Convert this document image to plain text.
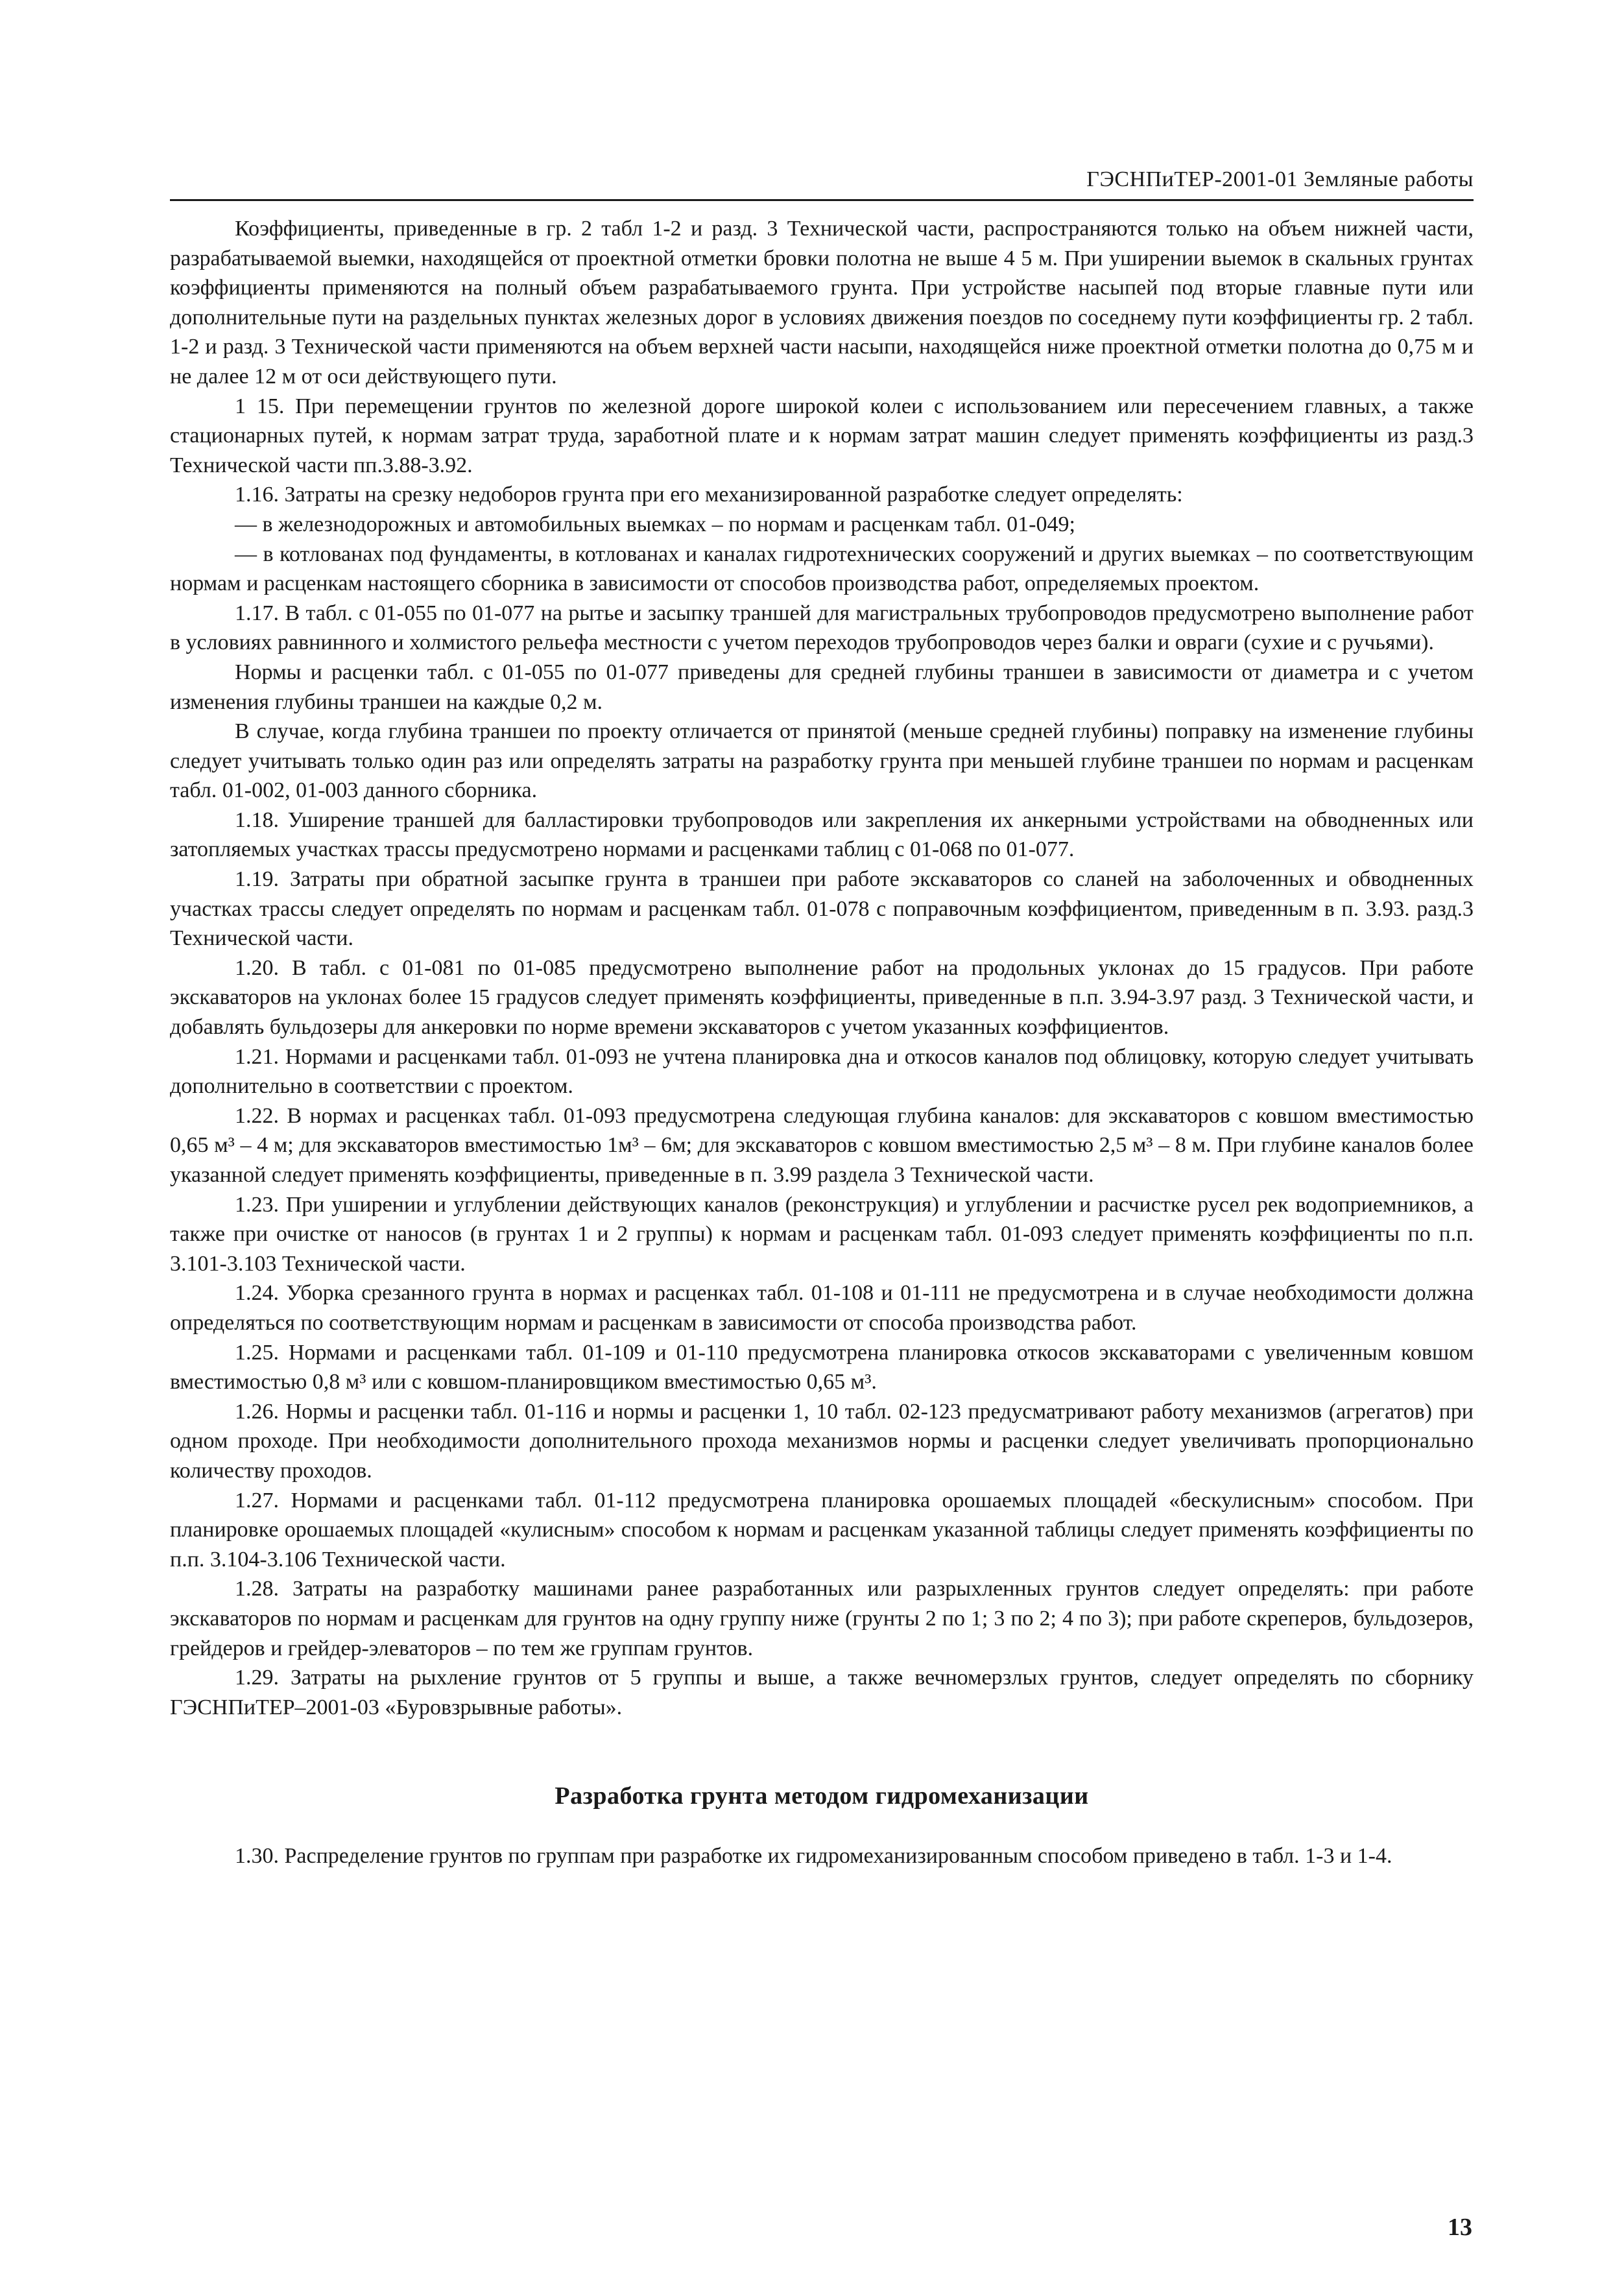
ГЭСНПиТЕР-2001-01 Земляные работы

Коэффициенты, приведенные в гр. 2 табл 1-2 и разд. 3 Технической части, распространяются только на объем нижней части, разрабатываемой выемки, находящейся от проектной отметки бровки полотна не выше 4 5 м. При уширении выемок в скальных грунтах коэффициенты применяются на полный объем разрабатываемого грунта. При устройстве насыпей под вторые главные пути или дополнительные пути на раздельных пунктах железных дорог в условиях движения поездов по соседнему пути коэффициенты гр. 2 табл. 1-2 и разд. 3 Технической части применяются на объем верхней части насыпи, находящейся ниже проектной отметки полотна до 0,75 м и не далее 12 м от оси действующего пути.

1 15. При перемещении грунтов по железной дороге широкой колеи с использованием или пересечением главных, а также стационарных путей, к нормам затрат труда, заработной плате и к нормам затрат машин следует применять коэффициенты из разд.3 Технической части пп.3.88-3.92.

1.16. Затраты на срезку недоборов грунта при его механизированной разработке следует определять:

— в железнодорожных и автомобильных выемках – по нормам и расценкам табл. 01-049;

— в котлованах под фундаменты, в котлованах и каналах гидротехнических сооружений и других выемках – по соответствующим нормам и расценкам настоящего сборника в зависимости от способов производства работ, определяемых проектом.

1.17. В табл. с 01-055 по 01-077 на рытье и засыпку траншей для магистральных трубопроводов предусмотрено выполнение работ в условиях равнинного и холмистого рельефа местности с учетом переходов трубопроводов через балки и овраги (сухие и с ручьями).

Нормы и расценки табл. с 01-055 по 01-077 приведены для средней глубины траншеи в зависимости от диаметра и с учетом изменения глубины траншеи на каждые 0,2 м.

В случае, когда глубина траншеи по проекту отличается от принятой (меньше средней глубины) поправку на изменение глубины следует учитывать только один раз или определять затраты на разработку грунта при меньшей глубине траншеи по нормам и расценкам табл. 01-002, 01-003 данного сборника.

1.18. Уширение траншей для балластировки трубопроводов или закрепления их анкерными устройствами на обводненных или затопляемых участках трассы предусмотрено нормами и расценками таблиц с 01-068 по 01-077.

1.19. Затраты при обратной засыпке грунта в траншеи при работе экскаваторов со сланей на заболоченных и обводненных участках трассы следует определять по нормам и расценкам табл. 01-078 с поправочным коэффициентом, приведенным в п. 3.93. разд.3 Технической части.

1.20. В табл. с 01-081 по 01-085 предусмотрено выполнение работ на продольных уклонах до 15 градусов. При работе экскаваторов на уклонах более 15 градусов следует применять коэффициенты, приведенные в п.п. 3.94-3.97 разд. 3 Технической части, и добавлять бульдозеры для анкеровки по норме времени экскаваторов с учетом указанных коэффициентов.

1.21. Нормами и расценками табл. 01-093 не учтена планировка дна и откосов каналов под облицовку, которую следует учитывать дополнительно в соответствии с проектом.

1.22. В нормах и расценках табл. 01-093 предусмотрена следующая глубина каналов: для экскаваторов с ковшом вместимостью 0,65 м³ – 4 м; для экскаваторов вместимостью 1м³ – 6м; для экскаваторов с ковшом вместимостью 2,5 м³ – 8 м. При глубине каналов более указанной следует применять коэффициенты, приведенные в п. 3.99 раздела 3 Технической части.

1.23. При уширении и углублении действующих каналов (реконструкция) и углублении и расчистке русел рек водоприемников, а также при очистке от наносов (в грунтах 1 и 2 группы) к нормам и расценкам табл. 01-093 следует применять коэффициенты по п.п. 3.101-3.103 Технической части.

1.24. Уборка срезанного грунта в нормах и расценках табл. 01-108 и 01-111 не предусмотрена и в случае необходимости должна определяться по соответствующим нормам и расценкам в зависимости от способа производства работ.

1.25. Нормами и расценками табл. 01-109 и 01-110 предусмотрена планировка откосов экскаваторами с увеличенным ковшом вместимостью 0,8 м³ или с ковшом-планировщиком вместимостью 0,65 м³.

1.26. Нормы и расценки табл. 01-116 и нормы и расценки 1, 10 табл. 02-123 предусматривают работу механизмов (агрегатов) при одном проходе. При необходимости дополнительного прохода механизмов нормы и расценки следует увеличивать пропорционально количеству проходов.

1.27. Нормами и расценками табл. 01-112 предусмотрена планировка орошаемых площадей «бескулисным» способом. При планировке орошаемых площадей «кулисным» способом к нормам и расценкам указанной таблицы следует применять коэффициенты по п.п. 3.104-3.106 Технической части.

1.28. Затраты на разработку машинами ранее разработанных или разрыхленных грунтов следует определять: при работе экскаваторов по нормам и расценкам для грунтов на одну группу ниже (грунты 2 по 1; 3 по 2; 4 по 3); при работе скреперов, бульдозеров, грейдеров и грейдер-элеваторов – по тем же группам грунтов.

1.29. Затраты на рыхление грунтов от 5 группы и выше, а также вечномерзлых грунтов, следует определять по сборнику ГЭСНПиТЕР–2001-03 «Буровзрывные работы».

Разработка грунта методом гидромеханизации

1.30. Распределение грунтов по группам при разработке их гидромеханизированным способом приведено в табл. 1-3 и 1-4.

13
